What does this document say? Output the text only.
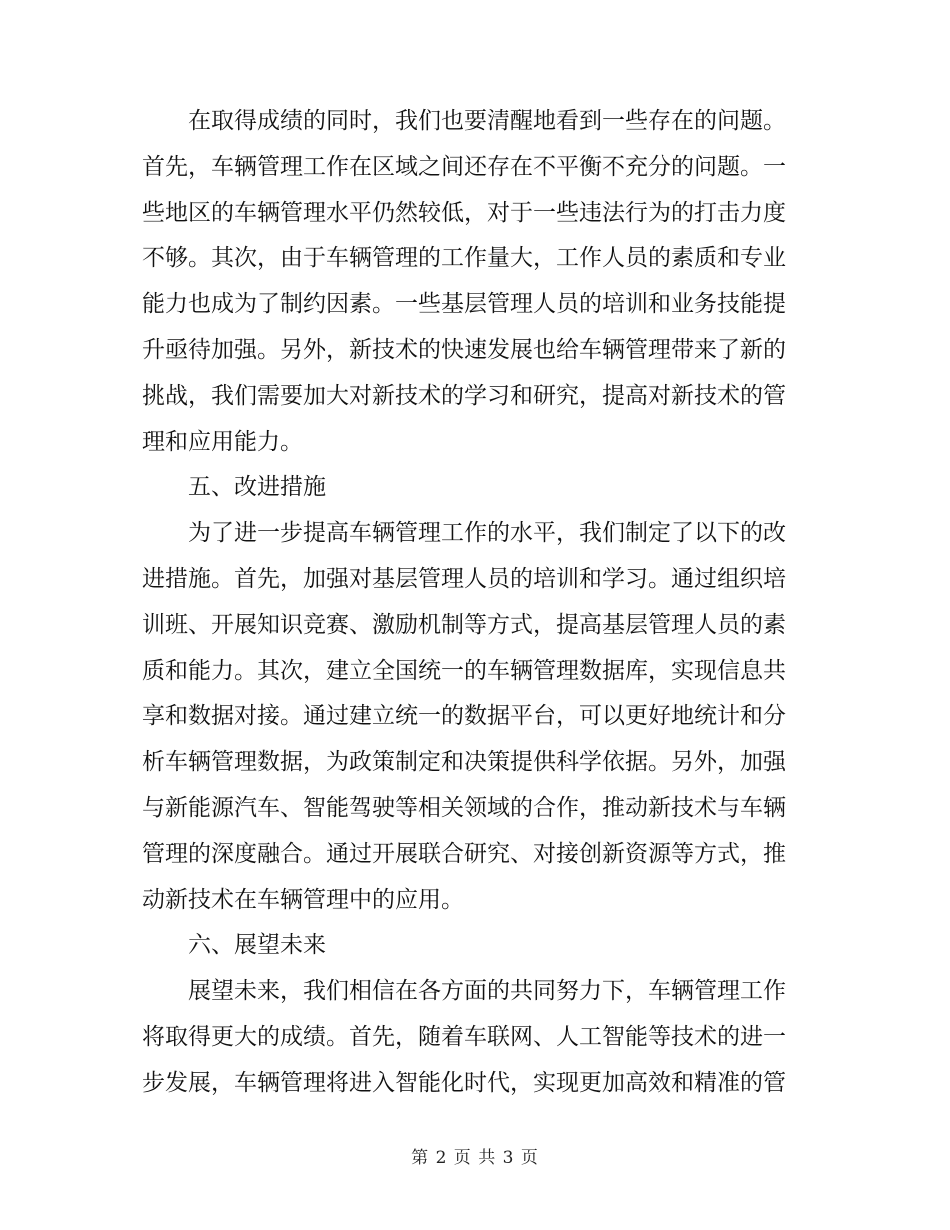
在取得成绩的同时，我们也要清醒地看到一些存在的问题。
首先，车辆管理工作在区域之间还存在不平衡不充分的问题。一
些地区的车辆管理水平仍然较低，对于一些违法行为的打击力度
不够。其次，由于车辆管理的工作量大，工作人员的素质和专业
能力也成为了制约因素。一些基层管理人员的培训和业务技能提
升亟待加强。另外，新技术的快速发展也给车辆管理带来了新的
挑战，我们需要加大对新技术的学习和研究，提高对新技术的管
理和应用能力。
五、改进措施
为了进一步提高车辆管理工作的水平，我们制定了以下的改
进措施。首先，加强对基层管理人员的培训和学习。通过组织培
训班、开展知识竞赛、激励机制等方式，提高基层管理人员的素
质和能力。其次，建立全国统一的车辆管理数据库，实现信息共
享和数据对接。通过建立统一的数据平台，可以更好地统计和分
析车辆管理数据，为政策制定和决策提供科学依据。另外，加强
与新能源汽车、智能驾驶等相关领域的合作，推动新技术与车辆
管理的深度融合。通过开展联合研究、对接创新资源等方式，推
动新技术在车辆管理中的应用。
六、展望未来
展望未来，我们相信在各方面的共同努力下，车辆管理工作
将取得更大的成绩。首先，随着车联网、人工智能等技术的进一
步发展，车辆管理将进入智能化时代，实现更加高效和精准的管
第 2 页 共 3 页
